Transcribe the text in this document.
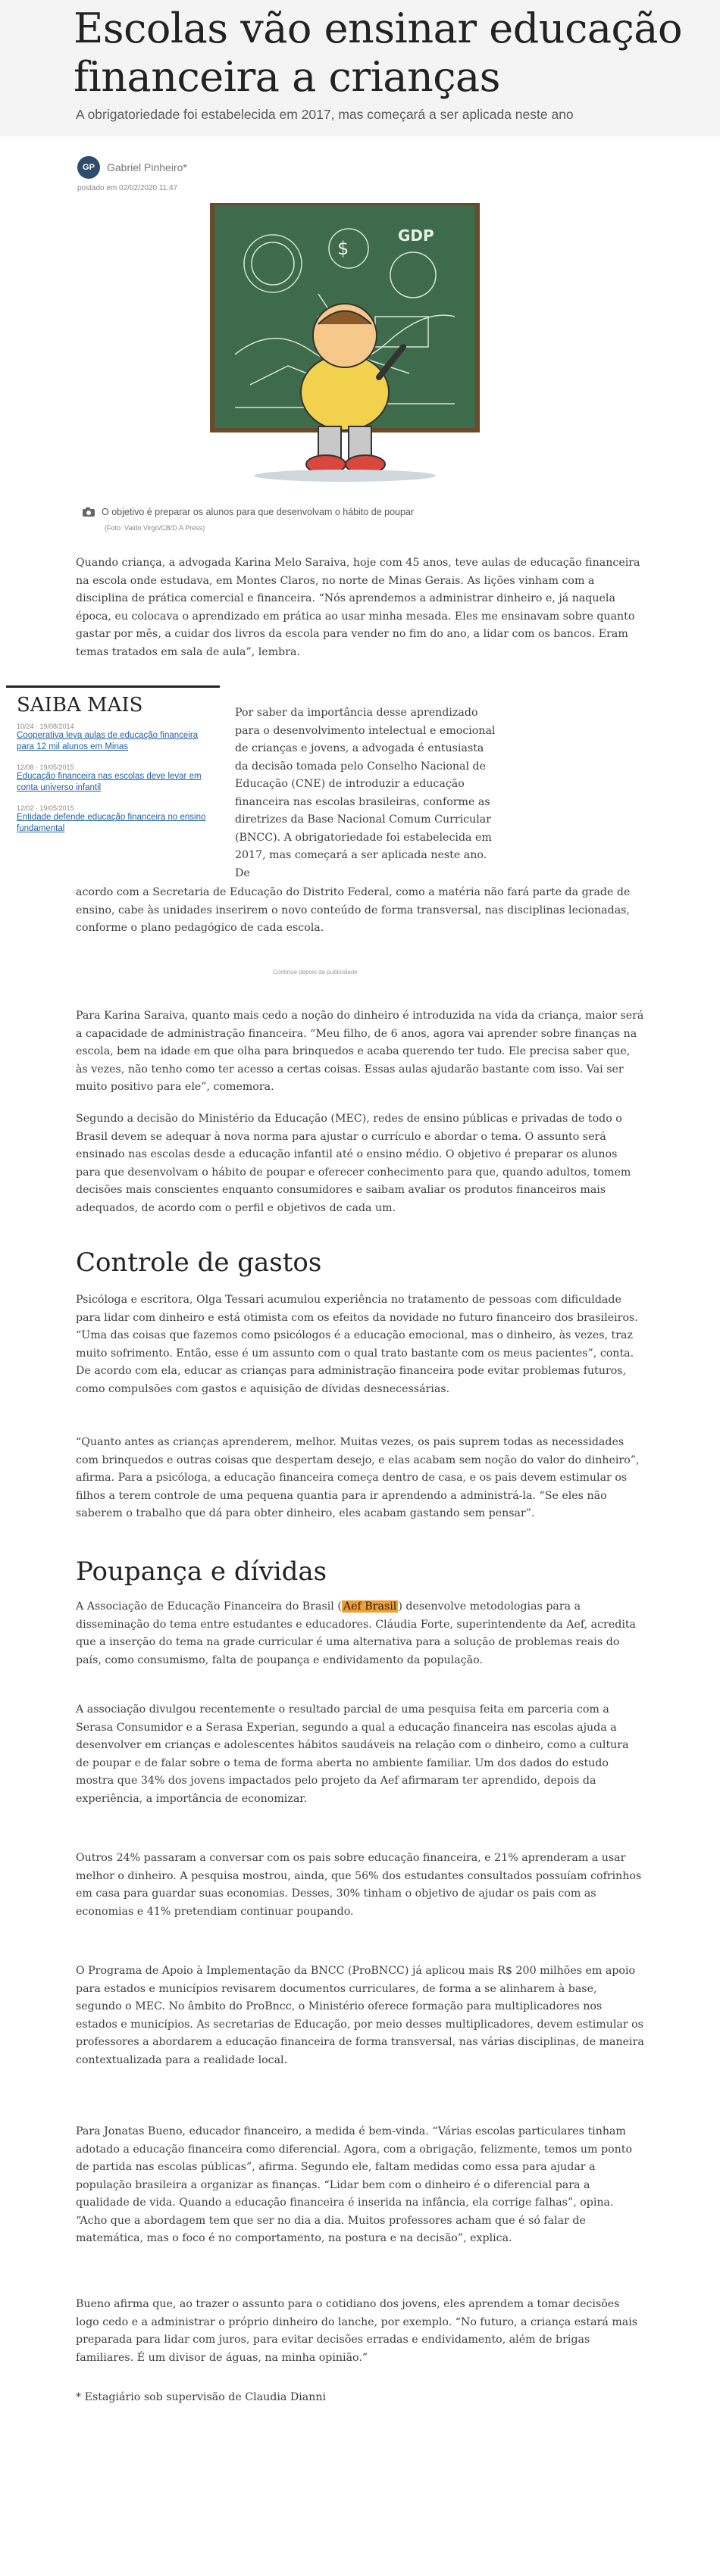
Escolas vão ensinar educação financeira a crianças

A obrigatoriedade foi estabelecida em 2017, mas começará a ser aplicada neste ano

GP	Gabriel Pinheiro*
postado em 02/02/2020 11:47
GDP
$
O objetivo é preparar os alunos para que desenvolvam o hábito de poupar
(Foto: Valdo Virgo/CB/D.A Press)

Quando criança, a advogada Karina Melo Saraiva, hoje com 45 anos, teve aulas de educação financeira na escola onde estudava, em Montes Claros, no norte de Minas Gerais. As lições vinham com a disciplina de prática comercial e financeira. “Nós aprendemos a administrar dinheiro e, já naquela época, eu colocava o aprendizado em prática ao usar minha mesada. Eles me ensinavam sobre quanto gastar por mês, a cuidar dos livros da escola para vender no fim do ano, a lidar com os bancos. Eram temas tratados em sala de aula”, lembra.

SAIBA MAIS
10/24 · 19/08/2014
Cooperativa leva aulas de educação financeira para 12 mil alunos em Minas
12/08 · 19/05/2015
Educação financeira nas escolas deve levar em conta universo infantil
12/02 · 19/05/2015
Entidade defende educação financeira no ensino fundamental

Por saber da importância desse aprendizado para o desenvolvimento intelectual e emocional de crianças e jovens, a advogada é entusiasta da decisão tomada pelo Conselho Nacional de Educação (CNE) de introduzir a educação financeira nas escolas brasileiras, conforme as diretrizes da Base Nacional Comum Curricular (BNCC). A obrigatoriedade foi estabelecida em 2017, mas começará a ser aplicada neste ano. De

acordo com a Secretaria de Educação do Distrito Federal, como a matéria não fará parte da grade de ensino, cabe às unidades inserirem o novo conteúdo de forma transversal, nas disciplinas lecionadas, conforme o plano pedagógico de cada escola.

Continue depois da publicidade

Para Karina Saraiva, quanto mais cedo a noção do dinheiro é introduzida na vida da criança, maior será a capacidade de administração financeira. “Meu filho, de 6 anos, agora vai aprender sobre finanças na escola, bem na idade em que olha para brinquedos e acaba querendo ter tudo. Ele precisa saber que, às vezes, não tenho como ter acesso a certas coisas. Essas aulas ajudarão bastante com isso. Vai ser muito positivo para ele”, comemora.

Segundo a decisão do Ministério da Educação (MEC), redes de ensino públicas e privadas de todo o Brasil devem se adequar à nova norma para ajustar o currículo e abordar o tema. O assunto será ensinado nas escolas desde a educação infantil até o ensino médio. O objetivo é preparar os alunos para que desenvolvam o hábito de poupar e oferecer conhecimento para que, quando adultos, tomem decisões mais conscientes enquanto consumidores e saibam avaliar os produtos financeiros mais adequados, de acordo com o perfil e objetivos de cada um.

Controle de gastos

Psicóloga e escritora, Olga Tessari acumulou experiência no tratamento de pessoas com dificuldade para lidar com dinheiro e está otimista com os efeitos da novidade no futuro financeiro dos brasileiros. “Uma das coisas que fazemos como psicólogos é a educação emocional, mas o dinheiro, às vezes, traz muito sofrimento. Então, esse é um assunto com o qual trato bastante com os meus pacientes”, conta. De acordo com ela, educar as crianças para administração financeira pode evitar problemas futuros, como compulsões com gastos e aquisição de dívidas desnecessárias.

“Quanto antes as crianças aprenderem, melhor. Muitas vezes, os pais suprem todas as necessidades com brinquedos e outras coisas que despertam desejo, e elas acabam sem noção do valor do dinheiro”, afirma. Para a psicóloga, a educação financeira começa dentro de casa, e os pais devem estimular os filhos a terem controle de uma pequena quantia para ir aprendendo a administrá-la. “Se eles não saberem o trabalho que dá para obter dinheiro, eles acabam gastando sem pensar”.

Poupança e dívidas

A Associação de Educação Financeira do Brasil ( Aef Brasil ) desenvolve metodologias para a disseminação do tema entre estudantes e educadores. Cláudia Forte, superintendente da Aef, acredita que a inserção do tema na grade curricular é uma alternativa para a solução de problemas reais do país, como consumismo, falta de poupança e endividamento da população.

A associação divulgou recentemente o resultado parcial de uma pesquisa feita em parceria com a Serasa Consumidor e a Serasa Experian, segundo a qual a educação financeira nas escolas ajuda a desenvolver em crianças e adolescentes hábitos saudáveis na relação com o dinheiro, como a cultura de poupar e de falar sobre o tema de forma aberta no ambiente familiar. Um dos dados do estudo mostra que 34% dos jovens impactados pelo projeto da Aef afirmaram ter aprendido, depois da experiência, a importância de economizar.

Outros 24% passaram a conversar com os pais sobre educação financeira, e 21% aprenderam a usar melhor o dinheiro. A pesquisa mostrou, ainda, que 56% dos estudantes consultados possuíam cofrinhos em casa para guardar suas economias. Desses, 30% tinham o objetivo de ajudar os pais com as economias e 41% pretendiam continuar poupando.

O Programa de Apoio à Implementação da BNCC (ProBNCC) já aplicou mais R$ 200 milhões em apoio para estados e municípios revisarem documentos curriculares, de forma a se alinharem à base, segundo o MEC. No âmbito do ProBncc, o Ministério oferece formação para multiplicadores nos estados e municípios. As secretarias de Educação, por meio desses multiplicadores, devem estimular os professores a abordarem a educação financeira de forma transversal, nas várias disciplinas, de maneira contextualizada para a realidade local.

Para Jonatas Bueno, educador financeiro, a medida é bem-vinda. “Várias escolas particulares tinham adotado a educação financeira como diferencial. Agora, com a obrigação, felizmente, temos um ponto de partida nas escolas públicas”, afirma. Segundo ele, faltam medidas como essa para ajudar a população brasileira a organizar as finanças. “Lidar bem com o dinheiro é o diferencial para a qualidade de vida. Quando a educação financeira é inserida na infância, ela corrige falhas”, opina. “Acho que a abordagem tem que ser no dia a dia. Muitos professores acham que é só falar de matemática, mas o foco é no comportamento, na postura e na decisão”, explica.

Bueno afirma que, ao trazer o assunto para o cotidiano dos jovens, eles aprendem a tomar decisões logo cedo e a administrar o próprio dinheiro do lanche, por exemplo. “No futuro, a criança estará mais preparada para lidar com juros, para evitar decisões erradas e endividamento, além de brigas familiares. É um divisor de águas, na minha opinião.”

* Estagiário sob supervisão de Claudia Dianni
